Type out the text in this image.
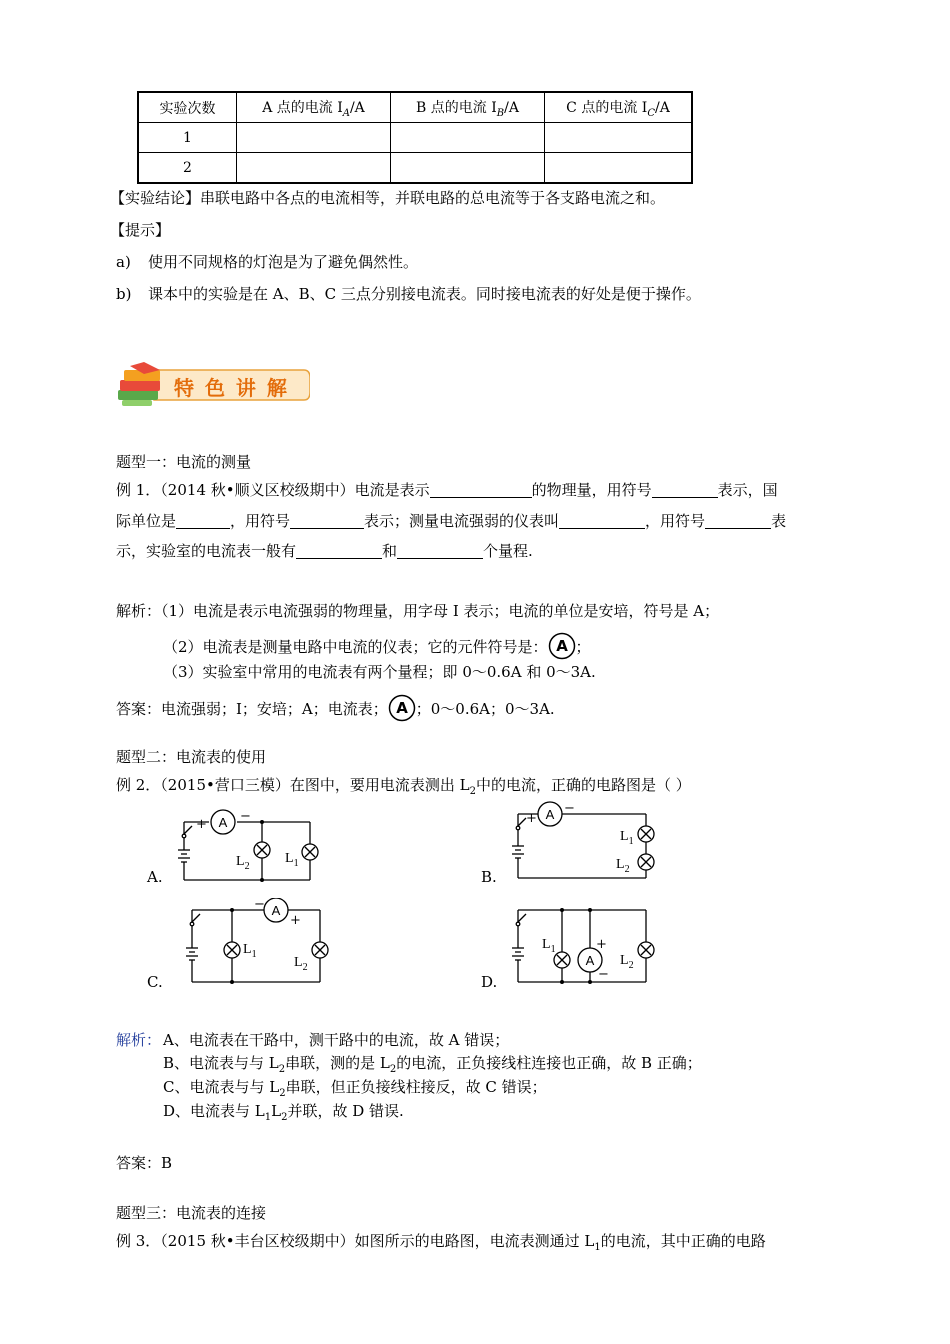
实验次数	A 点的电流 $I_A/A$	B 点的电流 $I_B/A$	C 点的电流 $I_C/A$
1			
2			
【实验结论】串联电路中各点的电流相等，并联电路的总电流等于各支路电流之和。
【提示】
a) 使用不同规格的灯泡是为了避免偶然性。
b) 课本中的实验是在 A、B、C 三点分别接电流表。同时接电流表的好处是便于操作。
特 色 讲 解
题型一：电流的测量
例 1．（2014 秋•顺义区校级期中）电流是表示	的物理量，用符号	表示，国
际单位是	，用符号	表示；测量电流强弱的仪表叫	，用符号	表
示，实验室的电流表一般有	和	个量程.
解析：（1）电流是表示电流强弱的物理量，用字母 I 表示；电流的单位是安培，符号是 A；
（2）电流表是测量电路中电流的仪表；它的元件符号是： A ；
（3）实验室中常用的电流表有两个量程；即 0～0.6A 和 0～3A.
答案：电流强弱；I；安培；A；电流表； A ；0～0.6A；0～3A.
题型二：电流表的使用
例 2．（2015•营口三模）在图中，要用电流表测出 $L_2$中的电流，正确的电路图是（ ）
A
+
−
$L_2$
$L_1$
A.
A
+
−
$L_1$
$L_2$
B.
A
−
+
$L_1$
$L_2$
C.
A
+
−
$L_1$
$L_2$
D.
解析： A、电流表在干路中，测干路中的电流，故 A 错误；
B、电流表与与 $L_2$串联，测的是 $L_2$的电流，正负接线柱连接也正确，故 B 正确；
C、电流表与与 $L_2$串联，但正负接线柱接反，故 C 错误；
D、电流表与 $L_1L_2$并联，故 D 错误.
答案：B
题型三：电流表的连接
例 3．（2015 秋•丰台区校级期中）如图所示的电路图，电流表测通过 $L_1$的电流，其中正确的电路
